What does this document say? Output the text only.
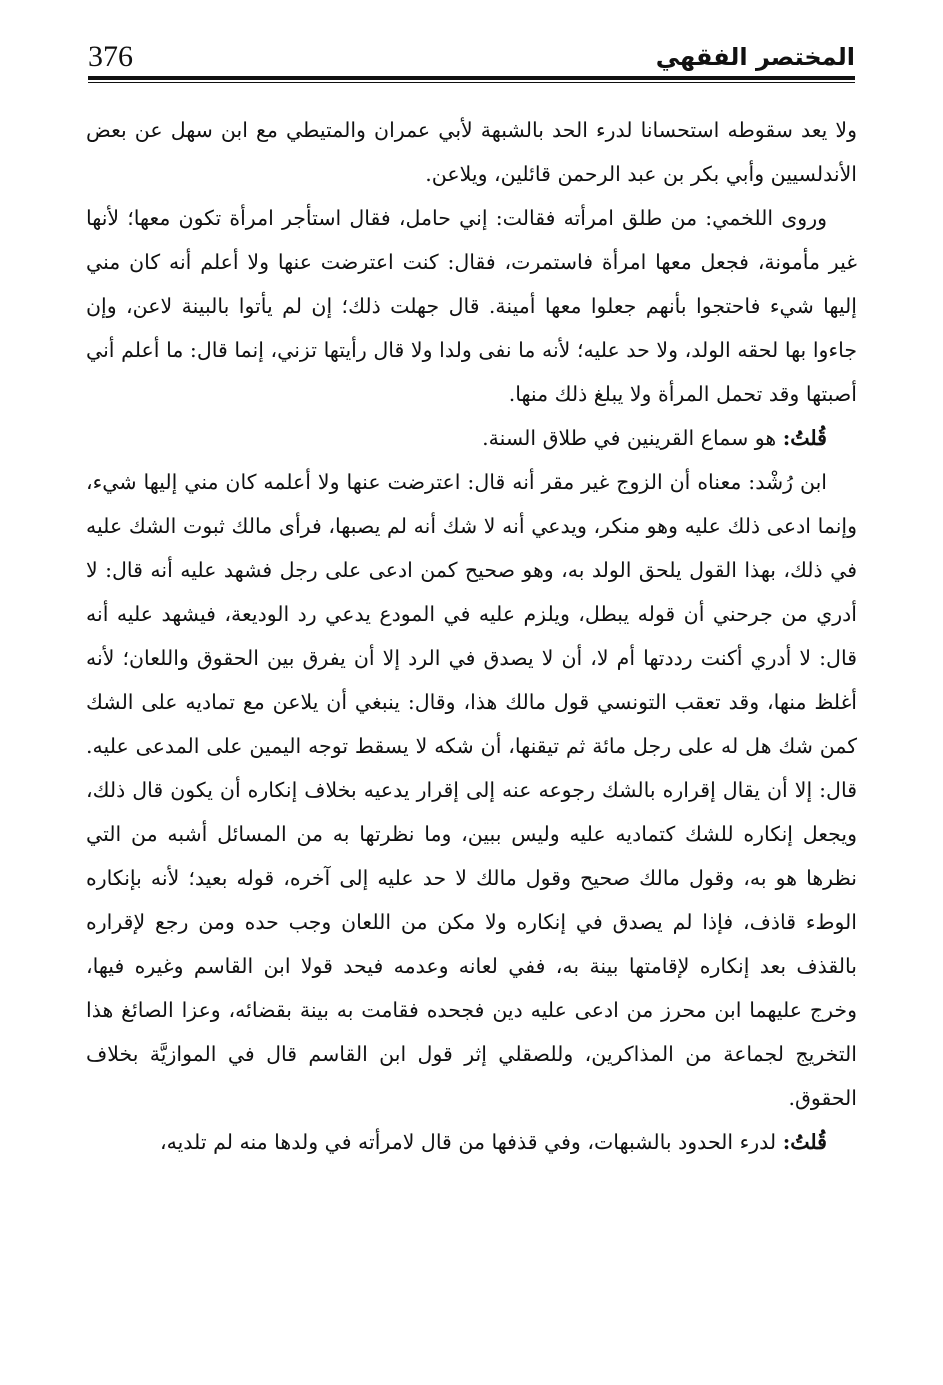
376	المختصر الفقهي

ولا يعد سقوطه استحسانا لدرء الحد بالشبهة لأبي عمران والمتيطي مع ابن سهل عن بعض الأندلسيين وأبي بكر بن عبد الرحمن قائلين، ويلاعن.

وروى اللخمي: من طلق امرأته فقالت: إني حامل، فقال استأجر امرأة تكون معها؛ لأنها غير مأمونة، فجعل معها امرأة فاستمرت، فقال: كنت اعترضت عنها ولا أعلم أنه كان مني إليها شيء فاحتجوا بأنهم جعلوا معها أمينة. قال جهلت ذلك؛ إن لم يأتوا بالبينة لاعن، وإن جاءوا بها لحقه الولد، ولا حد عليه؛ لأنه ما نفى ولدا ولا قال رأيتها تزني، إنما قال: ما أعلم أني أصبتها وقد تحمل المرأة ولا يبلغ ذلك منها.

قُلتُ: هو سماع القرينين في طلاق السنة.

ابن رُشْد: معناه أن الزوج غير مقر أنه قال: اعترضت عنها ولا أعلمه كان مني إليها شيء، وإنما ادعى ذلك عليه وهو منكر، ويدعي أنه لا شك أنه لم يصبها، فرأى مالك ثبوت الشك عليه في ذلك، بهذا القول يلحق الولد به، وهو صحيح كمن ادعى على رجل فشهد عليه أنه قال: لا أدري من جرحني أن قوله يبطل، ويلزم عليه في المودع يدعي رد الوديعة، فيشهد عليه أنه قال: لا أدري أكنت رددتها أم لا، أن لا يصدق في الرد إلا أن يفرق بين الحقوق واللعان؛ لأنه أغلظ منها، وقد تعقب التونسي قول مالك هذا، وقال: ينبغي أن يلاعن مع تماديه على الشك كمن شك هل له على رجل مائة ثم تيقنها، أن شكه لا يسقط توجه اليمين على المدعى عليه. قال: إلا أن يقال إقراره بالشك رجوعه عنه إلى إقرار يدعيه بخلاف إنكاره أن يكون قال ذلك، ويجعل إنكاره للشك كتماديه عليه وليس ببين، وما نظرتها به من المسائل أشبه من التي نظرها هو به، وقول مالك صحيح وقول مالك لا حد عليه إلى آخره، قوله بعيد؛ لأنه بإنكاره الوطء قاذف، فإذا لم يصدق في إنكاره ولا مكن من اللعان وجب حده ومن رجع لإقراره بالقذف بعد إنكاره لإقامتها بينة به، ففي لعانه وعدمه فيحد قولا ابن القاسم وغيره فيها، وخرج عليهما ابن محرز من ادعى عليه دين فجحده فقامت به بينة بقضائه، وعزا الصائغ هذا التخريج لجماعة من المذاكرين، وللصقلي إثر قول ابن القاسم قال في الموازيَّة بخلاف الحقوق.

قُلتُ: لدرء الحدود بالشبهات، وفي قذفها من قال لامرأته في ولدها منه لم تلديه،
